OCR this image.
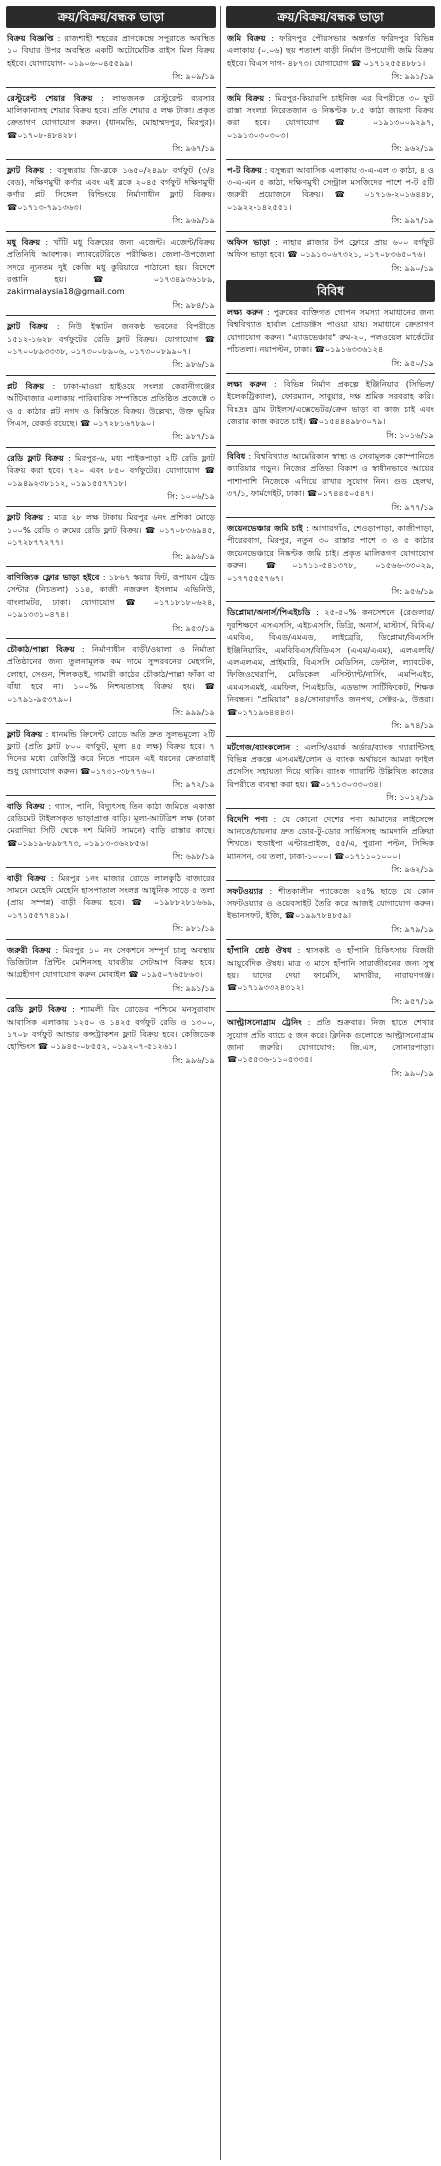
ক্রয়/বিক্রয়/বন্ধক ভাড়া
বিক্রয় বিজ্ঞপ্তি : রাজশাহী শহরের প্রাণকেন্দ্রে সপুরাতে অবস্থিত ১০ বিঘার উপর অবস্থিত একটি অটোমেটিক রাইস মিল বিক্রয় হইবে। যোগাযোগ- ০১৯০৬-০৪৫৫৯৯।
সি: ৯০৯/১৯
রেস্টুরেন্ট শেয়ার বিক্রয় : লাভজনক রেস্টুরেন্ট ব্যবসার মালিকানাসহ শেয়ার বিক্রয় হবে। প্রতি শেয়ার ৫ লক্ষ টাকা। প্রকৃত ক্রেতাগণ যোগাযোগ করুন। (ধানমন্ডি, মোহাম্মদপুর, মিরপুর)। ☎০১৭০৮-৪৮৪২৮।
সি: ৯৬৭/১৯
ফ্লাট বিক্রয় : বসুন্ধরায় জি-ব্লকে ১৬৫০/২৪৯৮ বর্গফুট (৩/৪ বেড), দক্ষিণমুখী কর্ণার এবং এই ব্লকে ২০৪৫ বর্গফুট দক্ষিণমুখী কর্ণার প্লট সিঙ্গেল বিল্ডিংয়ে নির্মাণাধীন ফ্লাট বিক্রয়। ☎০১৭১৩-৭৯১৩৬৩।
সি: ৯৬৯/১৯
মধু বিক্রয় : খাঁটি মধু বিক্রয়ের জন্য এজেন্ট। এজেন্ট/বিক্রয় প্রতিনিধি আবশ্যক। ল্যাবরেটরিতে পরীক্ষিত। জেলা-উপজেলা সদরে ন্যূনতম দুই কেজি মধু কুরিয়ারে পাঠানো হয়। বিদেশে রপ্তানি হয়। ☎ ০১৭৩৪৯৩৬১৮৯, zakirmalaysia18@gmail.com
সি: ৯৮৪/১৯
ফ্লাট বিক্রয় : নিউ ইস্কাটন জনকণ্ঠ ভবনের বিপরীতে ১৫১২-১৬২৮ বর্গফুটের রেডি ফ্লাট বিক্রয়। যোগাযোগ ☎ ০১৭০০৮৯৩৩৩৮, ০১৭৩০০৮৯০৬, ০১৭৩০০৮৯৯০৭।
সি: ৯৮৬/১৯
প্লট বিক্রয় : ঢাকা-মাওয়া হাইওয়ে সংলগ্ন কেরানীগঞ্জের আঁটিবাজার এলাকায় পারিবারিক সম্পত্তিতে প্রতিষ্ঠিত প্রজেক্টে ৩ ও ৫ কাঠার প্লট নগদ ও কিস্তিতে বিক্রয়। উল্লেখ্য, উক্ত ভূমির সিএস, রেকর্ড রয়েছে। ☎ ০১৭২৮১৬৭৮৯০।
সি: ৯৮৭/১৯
রেডি ফ্লাট বিক্রয় : মিরপুর-৬, মধ্য পাইকপাড়া ২টি রেডি ফ্লাট বিক্রয় করা হবে। ৭২০ এবং ৮৫০ বর্গফুটের। যোগাযোগ ☎ ০১৯৪৯২৩৮১১২, ০১৯১৫৫৭৭১৮।
সি: ১০০৬/১৯
ফ্লাট বিক্রয় : মাত্র ২৮ লক্ষ টাকায় মিরপুর ৬নং প্রশিকা মোড়ে ১০০% রেডি ৩ রুমের রেডি ফ্লাট বিক্রয়। ☎ ০১৭০৮৩৬৯৪৫, ০১৭২৮৭৭২৭৭।
সি: ৯৯৬/১৯
বাণিজ্যিক ফ্লোর ভাড়া হইবে : ১৮৬৭ স্কয়ার ফিট, রূপায়ন ট্রেড সেন্টার (নিচতলা) ১১৪, কাজী নজরুল ইসলাম এভিনিউ, বাংলামটর, ঢাকা। যোগাযোগ ☎ ০১৭১৮১৮০৬২৪, ০১৯১৩৩১০৪৭৪।
সি: ৯৫৩/১৯
চৌকাঠ/পাল্লা বিক্রয় : নির্মাণাধীন বাড়ী/ওয়ালা ও নির্মাতা প্রতিষ্ঠানের জন্য তুলনামূলক কম দামে সুন্দরবনের মেহগনি, লোহা, সেগুন, শিলকড়ই, গামারী কাঠের চৌকাঠ/পাল্লা ফাঁকা বা বাঁধা হবে না। ১০০% নিশ্চয়তাসহ বিক্রয় হয়। ☎ ০১৭৯১-৯৫৩৭৯০।
সি: ৯৯৯/১৯
ফ্লাট বিক্রয় : ধানমন্ডি ক্রিসেন্ট রোডে অতি দ্রুত সুলভমূল্যে ২টি ফ্লাট (প্রতি ফ্লাট ৮০০ বর্গফুট, মূল্য ৪৫ লক্ষ) বিক্রয় হবে। ৭ দিনের মধ্যে রেজিস্ট্রি করে নিতে পারেন এই ধরনের ক্রেতারাই শুধু যোগাযোগ করুন। ☎০১৭৩১-৩৮৭৭৬০।
সি: ৯৭২/১৯
বাড়ি বিক্রয় : গ্যাস, পানি, বিদ্যুৎসহ তিন কাঠা জমিতে একাত্তা রেডিমেট টাইলসকৃত ভাড়াপ্রাপ্ত বাড়ি। মূল্য-আটত্রিশ লক্ষ (ঢাকা মেরাদিয়া সিটি থেকে দশ মিনিট সামনে) বাড়ি রাস্তার কাছে। ☎০১৯১৯-৮৯৮৭৭৩, ০১৯১৩-৩৬২৮৫৬।
সি: ৬৯৮/১৯
বাড়ী বিক্রয় : মিরপুর ১নং মাজার রোডে লালকুঠি বাজারের সামনে মেহেদি মেহেনি হাসপাতাল সংলগ্ন আধুনিক সাড়ে ৫ তলা (প্রায় সম্পন্ন) বাড়ী বিক্রয় হবে। ☎ ০১৯৮৮২৮১৬৬৯, ০১৭১৫৫৭৭৪১৯।
সি: ৯৮১/১৯
জরুরী বিক্রয় : মিরপুর ১০ নং সেকশনে সম্পূর্ণ চালু অবস্থায় ডিজিটাল প্রিন্টিং মেশিনসহ যাবতীয় সেটআপ বিক্রয় হবে। আগ্রহীগণ যোগাযোগ করুন মোবাইল ☎ ০১৯৫০৭৬৫৮৬৩।
সি: ৯৯১/১৯
রেডি ফ্লাট বিক্রয় : শ্যামলী রিং রোডের পশ্চিমে মনসুরাবাদ আবাসিক এলাকায় ১২৫০ ও ১৪২৫ বর্গফুট রেডি ও ১৩০০, ১৭০৮ বর্গফুট আন্ডার কন্সট্রাকশন ফ্লাট বিক্রয় হবে। কেজিডেক হোল্ডিংস ☎ ০১৯৪৫-০৮৫৫২, ০১৯২০৭-৫১২৬১।
সি: ৯৯৬/১৯
ক্রয়/বিক্রয়/বন্ধক ভাড়া
জমি বিক্রয় : ফরিদপুর পৌরসভার অন্তর্গত ফরিদপুর বিভিন্ন এলাকায় (০.০৬) ছয় শতাংশ বাড়ী নির্মাণ উপযোগী জমি বিক্রয় হইবে। বিএস দাগ- ৪৮৭৩। যোগাযোগ ☎ ০১৭১২৫৫৪৮৮১।
সি: ৯৯১/১৯
জমি বিক্রয় : মিরপুর-কিয়ারপি চাইনিজ এর বিপরীতে ৩০ ফুট রাস্তা সংলগ্ন নিরেতজান ও নিষ্কণ্টক ৮.৫ কাঠা জায়গা বিক্রয় করা হবে। যোগাযোগ ☎ ০১৯১৩০০৯২৯৭, ০১৯১৩০৩০৩০৩।
সি: ৯৬২/১৯
প-ট বিক্রয় : বসুন্ধরা আবাসিক এলাকায় ৩-এ-এল ৩ কাঠা, ৪ ও ৩-এ-এন ৫ কাঠা, দক্ষিণমুখী সেন্ট্রাল মসজিদের পাশে প-ট ৫টি জরুরী প্রয়োজনে বিক্রয়। ☎ ০১৭১৬-২০১৬৪৪৮, ০১৯২২-১৪২৫৫১।
সি: ৯৯৭/১৯
অফিস ভাড়া : নাহার প্লাজার টপ ফ্লোরে প্রায় ৬০০ বর্গফুট অফিস ভাড়া হবে। ☎ ০১৯১৩০৬৭৩২১, ০১৭০৮৩৬৫০৭৬।
সি: ৯৯০/১৯
বিবিধ
লক্ষ্য করুন : পুরুষের ব্যক্তিগত গোপন সমস্যা সমাধানের জন্য বিশ্ববিখ্যাত হার্বাল প্রোডাক্টস পাওয়া যায়। সমাধানে ক্রেতাগণ যোগাযোগ করুন। "এ্যাডভেঞ্চার" রুম-২০, পলওয়েল মার্কেটের পাঁচতলা। নয়াপল্টন, ঢাকা। ☎০১৯১৬৩৩৬১২৪
সি: ৯৫০/১৯
লক্ষ্য করুন : বিভিন্ন নির্মাণ প্রকল্পে ইঞ্জিনিয়ার (সিভিল/ইলেকট্রিক্যাল), ফোরম্যান, সাবুয়ার, দক্ষ শ্রমিক সরবরাহ করি। বিঃদ্রঃ ড্রাম টাইলস/এক্সেভেটর/ক্রেন ভাড়া বা কাজ চাই এবং জেরার কাজ করতে চাই। ☎০১৫৪৪৪৯৮৩০৭৯।
সি: ১০১৬/১৯
বিবিধ : বিশ্ববিখ্যাত আমেরিকান স্বাস্থ্য ও সেবামূলক কোম্পানিতে ক্যারিয়ার গড়ুন। নিজের প্রতিভা বিকাশ ও স্বাধীনভাবে আয়ের পাশাপাশি নিজেকে এগিয়ে রাখার সুযোগ নিন। গুড হেলথ, ৩৭/১, ফার্মগেইট, ঢাকা। ☎০১৭৪৪৫০৫৪৭।
সি: ৯৭৭/১৯
জয়েনভেঞ্চার জমি চাই : আগারগাঁও, শেওড়াপাড়া, কাজীপাড়া, পীরেরবাগ, মিরপুর, নতুন ৩০ রাস্তার পাশে ৩ ও ৫ কাঠার জয়েনভেঞ্চারে নিষ্কণ্টক জমি চাই। প্রকৃত মালিকগণ যোগাযোগ করুন। ☎০১৭১১-৫৪১৩৭৮, ০১৫৬৬-৩৩০২৯, ০১৭৭৫৫৫৭৬৭।
সি: ৯৫৬/১৯
ডিপ্লোমা/অনার্স/পিএইচডি : ২৫-৫০% কনসেশনে (রেগুলার/দূরশিক্ষণে এসএসসি, এইচএসসি, ডিগ্রি, অনার্স, মাস্টার্স, বিবিএ/এমবিএ, বিএড/এমএড, লাইব্রেরি, ডিপ্লোমা/বিএসসি ইঞ্জিনিয়ারিং, এমবিবিএস/বিডিএস (এএম/এএম), এলএলবি/এলএলএম, প্রাইমারি, বিএসসি মেডিসিন, ডেন্টাল, ল্যাবটেক, ফিজিওথেরাপি, মেডিকেল এসিস্ট্যান্ট/নার্সিং, এমপিএইচ, এমএসএমই, এমফিল, পিএইচডি, এডভান্স সার্টিফিকেট, শিক্ষক নিবন্ধন। "প্রমিয়ার" ৪৪/সোনারগাঁও জনপথ, সেক্টর-৯, উত্তরা। ☎০১৭১৯৬৪৪৪৩।
সি: ৯৭৪/১৯
মর্টগেজ/ব্যাংকলোন : এলসি/ওয়ার্ক অর্ডার/ব্যাংক গ্যারান্টিসহ বিভিন্ন প্রকল্পে এসএমই/লোন ও ব্যাংক অর্থায়নে আমরা ফাইল প্রসেসিং সহায়তা দিয়ে থাকি। ব্যাংক গ্যারান্টি উল্লিখিত কাজের বিপরীতে ব্যবস্থা করা হয়। ☎০১৭১৩০৩৩০৩৪।
সি: ১০১২/১৯
বিদেশি পণ্য : যে কোনো দেশের পণ্য আমাদের লাইসেন্সে আনতে/চায়নার দ্রুত ডোর-টু-ডোর সার্ভিসসহ আমদানি প্রক্রিয়া শিখতে। হুডাইপা এন্টারপ্রাইজ, ৫৫/এ, পুরানা পল্টন, সিদ্দিক ম্যানসন, ৩য় তলা, ঢাকা-১০০০। ☎০১৭১১০১০০০।
সি: ৯৬২/১৯
সফটওয়্যার : শীতকালীন প্যাকেজে ২৫% ছাড়ে যে কোন সফটওয়্যার ও ওয়েবসাইট তৈরি করে আজই যোগাযোগ করুন। ইভানসফট, ইজি, ☎০১৯৯৭৮৪৮৫৯।
সি: ৯৭৯/১৯
হাঁপানি শ্রেষ্ঠ ঔষধ : শ্বাসকষ্ট ও হাঁপানি চিকিৎসায় বিজয়ী আয়ুর্বেদিক ঔষধ। মাত্র ৩ মাসে হাঁপানি সারাজীবনের জন্য সুস্থ হয়। যাদের দেয়া ফার্মেসি, মাদারীর, নারায়ণগঞ্জ। ☎০১৭১৯৩৩২৪৩১২।
সি: ৯৫৭/১৯
আল্ট্রাসনোগ্রাম ট্রেনিং : প্রতি শুক্রবার। নিজ হাতে শেখার সুযোগ প্রতি ব্যাচে ৫ জন করে। ক্লিনিক গুলোতে আল্ট্রাসনোগ্রাম জানা জরুরি। যোগাযোগ: জি.এস, সোনারপাড়া। ☎০১৫৫৩৬-১১০৫৩৩৫।
সি: ৯৯০/১৯
